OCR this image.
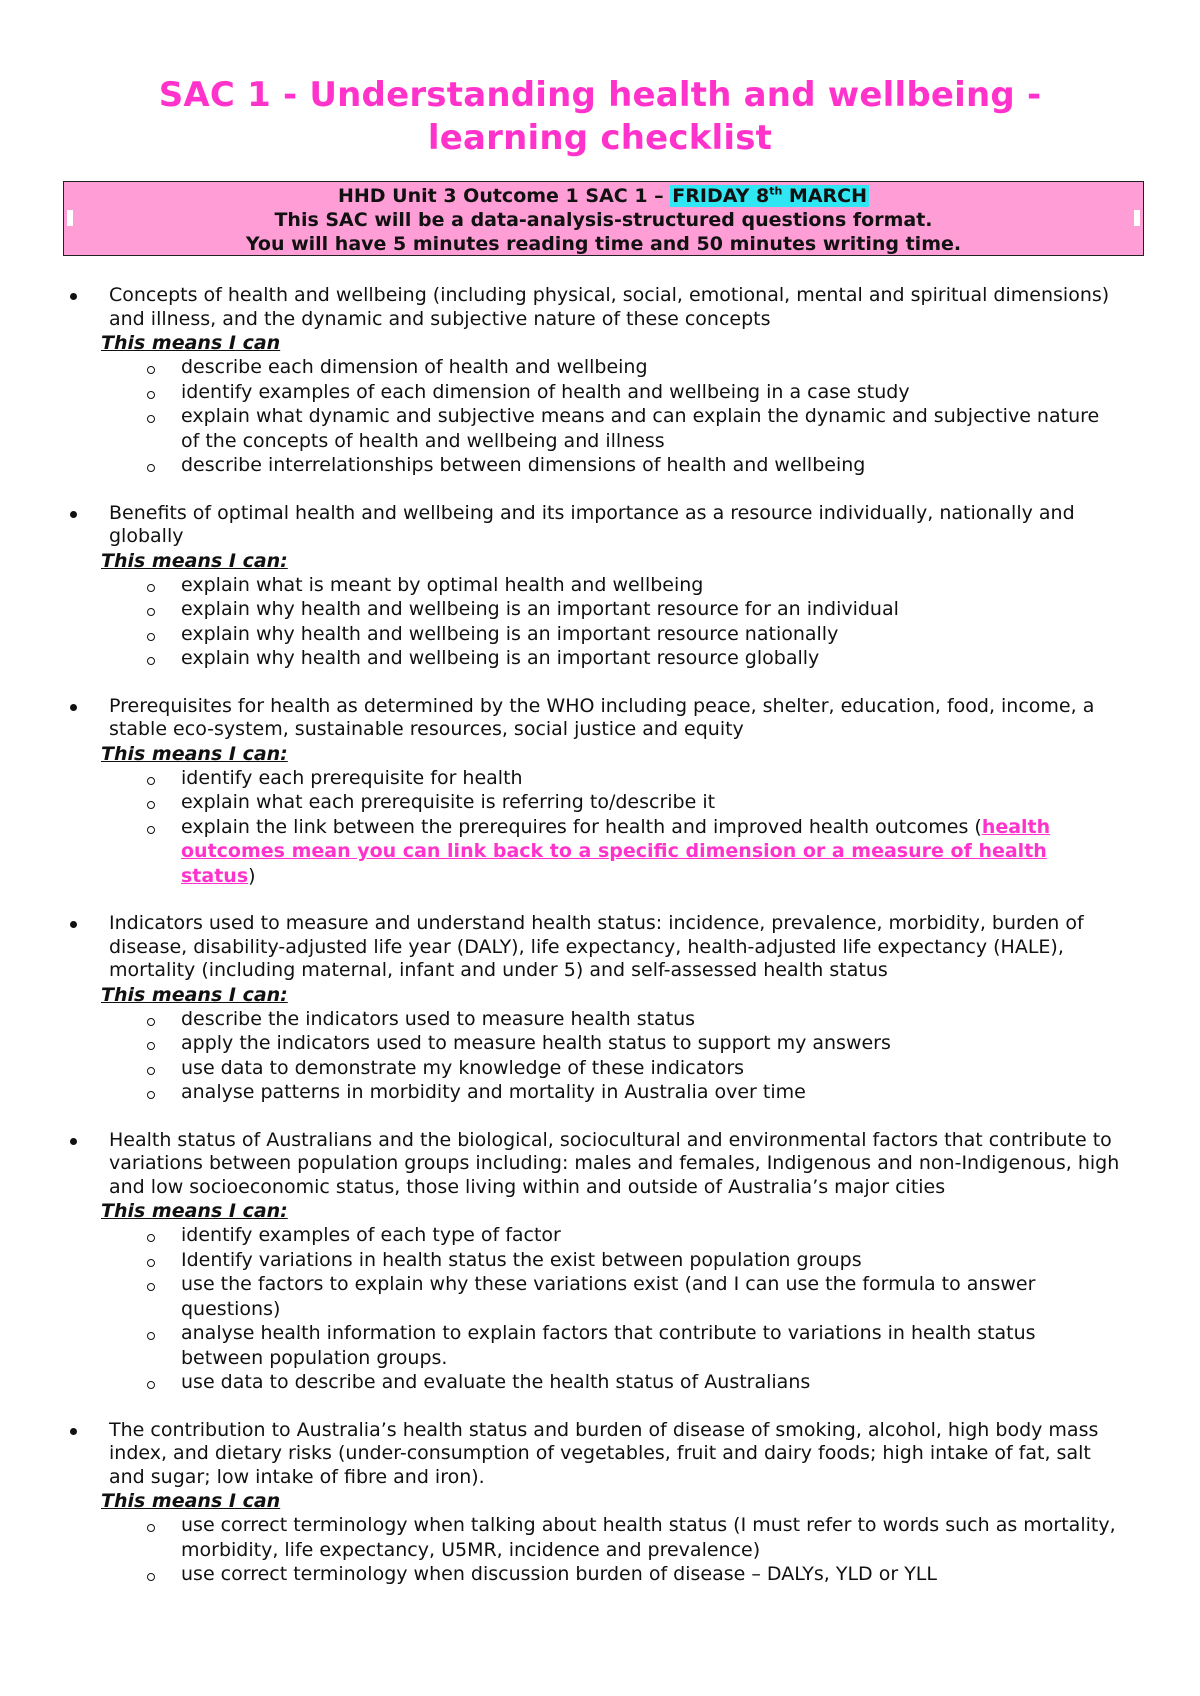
SAC 1 - Understanding health and wellbeing -
learning checklist
HHD Unit 3 Outcome 1 SAC 1 – FRIDAY 8th MARCH
This SAC will be a data-analysis-structured questions format.
You will have 5 minutes reading time and 50 minutes writing time.
Concepts of health and wellbeing (including physical, social, emotional, mental and spiritual dimensions) and illness, and the dynamic and subjective nature of these concepts
This means I can
describe each dimension of health and wellbeing
identify examples of each dimension of health and wellbeing in a case study
explain what dynamic and subjective means and can explain the dynamic and subjective nature of the concepts of health and wellbeing and illness
describe interrelationships between dimensions of health and wellbeing
Benefits of optimal health and wellbeing and its importance as a resource individually, nationally and globally
This means I can:
explain what is meant by optimal health and wellbeing
explain why health and wellbeing is an important resource for an individual
explain why health and wellbeing is an important resource nationally
explain why health and wellbeing is an important resource globally
Prerequisites for health as determined by the WHO including peace, shelter, education, food, income, a stable eco-system, sustainable resources, social justice and equity
This means I can:
identify each prerequisite for health
explain what each prerequisite is referring to/describe it
explain the link between the prerequires for health and improved health outcomes (health outcomes mean you can link back to a specific dimension or a measure of health status)
Indicators used to measure and understand health status: incidence, prevalence, morbidity, burden of disease, disability-adjusted life year (DALY), life expectancy, health-adjusted life expectancy (HALE), mortality (including maternal, infant and under 5) and self-assessed health status
This means I can:
describe the indicators used to measure health status
apply the indicators used to measure health status to support my answers
use data to demonstrate my knowledge of these indicators
analyse patterns in morbidity and mortality in Australia over time
Health status of Australians and the biological, sociocultural and environmental factors that contribute to variations between population groups including: males and females, Indigenous and non-Indigenous, high and low socioeconomic status, those living within and outside of Australia’s major cities
This means I can:
identify examples of each type of factor
Identify variations in health status the exist between population groups
use the factors to explain why these variations exist (and I can use the formula to answer questions)
analyse health information to explain factors that contribute to variations in health status between population groups.
use data to describe and evaluate the health status of Australians
The contribution to Australia’s health status and burden of disease of smoking, alcohol, high body mass index, and dietary risks (under-consumption of vegetables, fruit and dairy foods; high intake of fat, salt and sugar; low intake of fibre and iron).
This means I can
use correct terminology when talking about health status (I must refer to words such as mortality, morbidity, life expectancy, U5MR, incidence and prevalence)
use correct terminology when discussion burden of disease – DALYs, YLD or YLL
